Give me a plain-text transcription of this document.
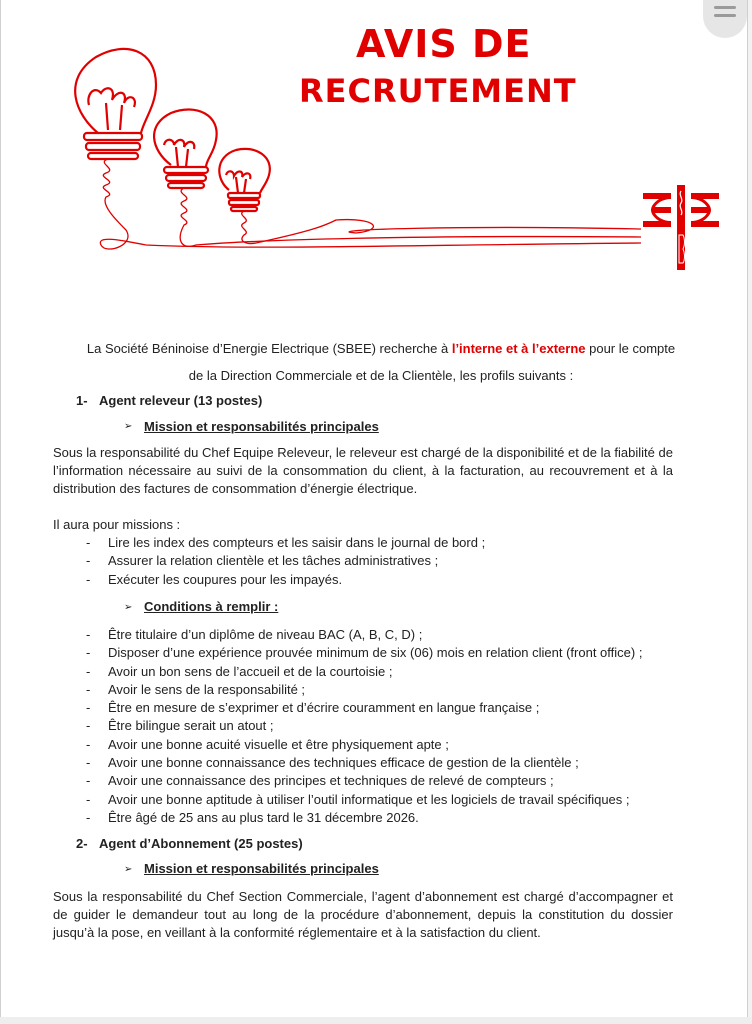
AVIS DE
RECRUTEMENT
La Société Béninoise d’Energie Electrique (SBEE) recherche à l’interne et à l’externe pour le compte
de la Direction Commerciale et de la Clientèle, les profils suivants :
1- Agent releveur (13 postes)
➢ Mission et responsabilités principales
Sous la responsabilité du Chef Equipe Releveur, le releveur est chargé de la disponibilité et de la fiabilité de l’information nécessaire au suivi de la consommation du client, à la facturation, au recouvrement et à la distribution des factures de consommation d’énergie électrique.
Il aura pour missions :
- Lire les index des compteurs et les saisir dans le journal de bord ;
- Assurer la relation clientèle et les tâches administratives ;
- Exécuter les coupures pour les impayés.
➢ Conditions à remplir :
- Être titulaire d’un diplôme de niveau BAC (A, B, C, D) ;
- Disposer d’une expérience prouvée minimum de six (06) mois en relation client (front office) ;
- Avoir un bon sens de l’accueil et de la courtoisie ;
- Avoir le sens de la responsabilité ;
- Être en mesure de s’exprimer et d’écrire couramment en langue française ;
- Être bilingue serait un atout ;
- Avoir une bonne acuité visuelle et être physiquement apte ;
- Avoir une bonne connaissance des techniques efficace de gestion de la clientèle ;
- Avoir une connaissance des principes et techniques de relevé de compteurs ;
- Avoir une bonne aptitude à utiliser l’outil informatique et les logiciels de travail spécifiques ;
- Être âgé de 25 ans au plus tard le 31 décembre 2026.
2- Agent d’Abonnement (25 postes)
➢ Mission et responsabilités principales
Sous la responsabilité du Chef Section Commerciale, l’agent d’abonnement est chargé d’accompagner et de guider le demandeur tout au long de la procédure d’abonnement, depuis la constitution du dossier jusqu’à la pose, en veillant à la conformité réglementaire et à la satisfaction du client.
